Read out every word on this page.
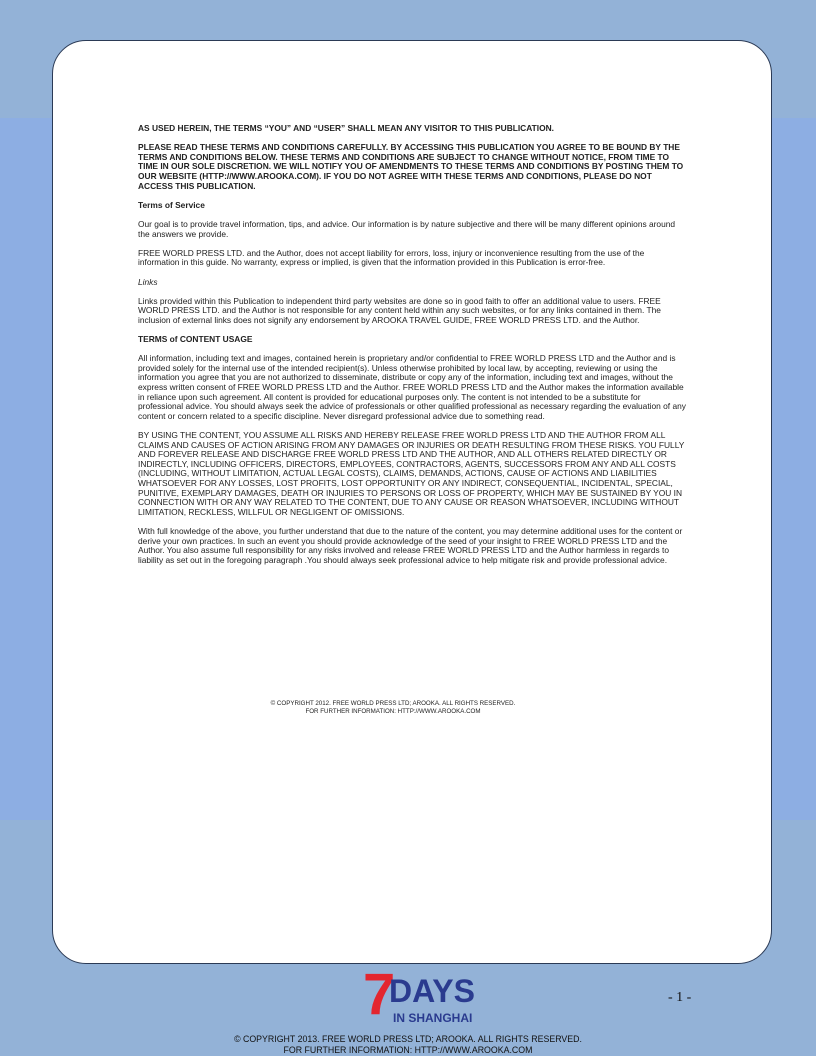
AS USED HEREIN, THE TERMS “YOU” AND “USER” SHALL MEAN ANY VISITOR TO THIS PUBLICATION.

PLEASE READ THESE TERMS AND CONDITIONS CAREFULLY. BY ACCESSING THIS PUBLICATION YOU AGREE TO BE BOUND BY THE TERMS AND CONDITIONS BELOW. THESE TERMS AND CONDITIONS ARE SUBJECT TO CHANGE WITHOUT NOTICE, FROM TIME TO TIME IN OUR SOLE DISCRETION. WE WILL NOTIFY YOU OF AMENDMENTS TO THESE TERMS AND CONDITIONS BY POSTING THEM TO OUR WEBSITE (HTTP://WWW.AROOKA.COM). IF YOU DO NOT AGREE WITH THESE TERMS AND CONDITIONS, PLEASE DO NOT ACCESS THIS PUBLICATION.

Terms of Service

Our goal is to provide travel information, tips, and advice. Our information is by nature subjective and there will be many different opinions around the answers we provide.

FREE WORLD PRESS LTD. and the Author, does not accept liability for errors, loss, injury or inconvenience resulting from the use of the information in this guide. No warranty, express or implied, is given that the information provided in this Publication is error-free.

Links

Links provided within this Publication to independent third party websites are done so in good faith to offer an additional value to users. FREE WORLD PRESS LTD. and the Author is not responsible for any content held within any such websites, or for any links contained in them. The inclusion of external links does not signify any endorsement by AROOKA TRAVEL GUIDE, FREE WORLD PRESS LTD. and the Author.

TERMS of CONTENT USAGE

All information, including text and images, contained herein is proprietary and/or confidential to FREE WORLD PRESS LTD and the Author and is provided solely for the internal use of the intended recipient(s). Unless otherwise prohibited by local law, by accepting, reviewing or using the information you agree that you are not authorized to disseminate, distribute or copy any of the information, including text and images, without the express written consent of FREE WORLD PRESS LTD and the Author. FREE WORLD PRESS LTD and the Author makes the information available in reliance upon such agreement. All content is provided for educational purposes only. The content is not intended to be a substitute for professional advice. You should always seek the advice of professionals or other qualified professional as necessary regarding the evaluation of any content or concern related to a specific discipline. Never disregard professional advice due to something read.

BY USING THE CONTENT, YOU ASSUME ALL RISKS AND HEREBY RELEASE FREE WORLD PRESS LTD AND THE AUTHOR FROM ALL CLAIMS AND CAUSES OF ACTION ARISING FROM ANY DAMAGES OR INJURIES OR DEATH RESULTING FROM THESE RISKS. YOU FULLY AND FOREVER RELEASE AND DISCHARGE FREE WORLD PRESS LTD AND THE AUTHOR, AND ALL OTHERS RELATED DIRECTLY OR INDIRECTLY, INCLUDING OFFICERS, DIRECTORS, EMPLOYEES, CONTRACTORS, AGENTS, SUCCESSORS FROM ANY AND ALL COSTS (INCLUDING, WITHOUT LIMITATION, ACTUAL LEGAL COSTS), CLAIMS, DEMANDS, ACTIONS, CAUSE OF ACTIONS AND LIABILITIES WHATSOEVER FOR ANY LOSSES, LOST PROFITS, LOST OPPORTUNITY OR ANY INDIRECT, CONSEQUENTIAL, INCIDENTAL, SPECIAL, PUNITIVE, EXEMPLARY DAMAGES, DEATH OR INJURIES TO PERSONS OR LOSS OF PROPERTY, WHICH MAY BE SUSTAINED BY YOU IN CONNECTION WITH OR ANY WAY RELATED TO THE CONTENT, DUE TO ANY CAUSE OR REASON WHATSOEVER, INCLUDING WITHOUT LIMITATION, RECKLESS, WILLFUL OR NEGLIGENT OF OMISSIONS.

With full knowledge of the above, you further understand that due to the nature of the content, you may determine additional uses for the content or derive your own practices. In such an event you should provide acknowledge of the seed of your insight to FREE WORLD PRESS LTD and the Author. You also assume full responsibility for any risks involved and release FREE WORLD PRESS LTD and the Author harmless in regards to liability as set out in the foregoing paragraph .You should always seek professional advice to help mitigate risk and provide professional advice.

© COPYRIGHT 2012. FREE WORLD PRESS LTD; AROOKA. ALL RIGHTS RESERVED.
FOR FURTHER INFORMATION: HTTP://WWW.AROOKA.COM
7
DAYS
IN SHANGHAI
- 1 -
© COPYRIGHT 2013. FREE WORLD PRESS LTD; AROOKA. ALL RIGHTS RESERVED.
FOR FURTHER INFORMATION: HTTP://WWW.AROOKA.COM
